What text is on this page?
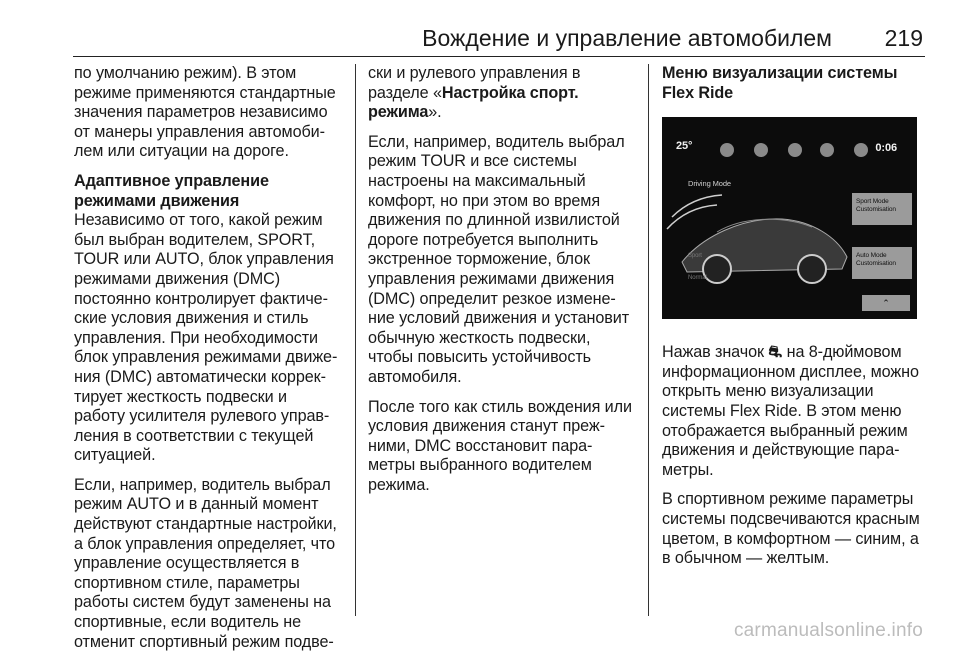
Вождение и управление автомобилем 219

по умолчанию режим). В этом режиме применяются стандартные значения параметров независимо от манеры управления автомоби-лем или ситуации на дороге.

Адаптивное управление режимами движения

Независимо от того, какой режим был выбран водителем, SPORT, TOUR или AUTO, блок управления режимами движения (DMC) постоянно контролирует фактиче-ские условия движения и стиль управления. При необходимости блок управления режимами движе-ния (DMC) автоматически коррек-тирует жесткость подвески и работу усилителя рулевого управ-ления в соответствии с текущей ситуацией.

Если, например, водитель выбрал режим AUTO и в данный момент действуют стандартные настройки, а блок управления определяет, что управление осуществляется в спортивном стиле, параметры работы систем будут заменены на спортивные, если водитель не отменит спортивный режим подве-

ски и рулевого управления в разделе «Настройка спорт. режима».

Если, например, водитель выбрал режим TOUR и все системы настроены на максимальный комфорт, но при этом во время движения по длинной извилистой дороге потребуется выполнить экстренное торможение, блок управления режимами движения (DMC) определит резкое измене-ние условий движения и установит обычную жесткость подвески, чтобы повысить устойчивость автомобиля.

После того как стиль вождения или условия движения станут преж-ними, DMC восстановит пара-метры выбранного водителем режима.

Меню визуализации системы Flex Ride
25°	0:06
Driving Mode
Sport Mode Customisation
Auto Mode Customisation
Sport
Normal
⌃

Нажав значок ⛐ на 8-дюймовом информационном дисплее, можно открыть меню визуализации системы Flex Ride. В этом меню отображается выбранный режим движения и действующие пара-метры.

В спортивном режиме параметры системы подсвечиваются красным цветом, в комфортном — синим, а в обычном — желтым.

carmanualsonline.info
